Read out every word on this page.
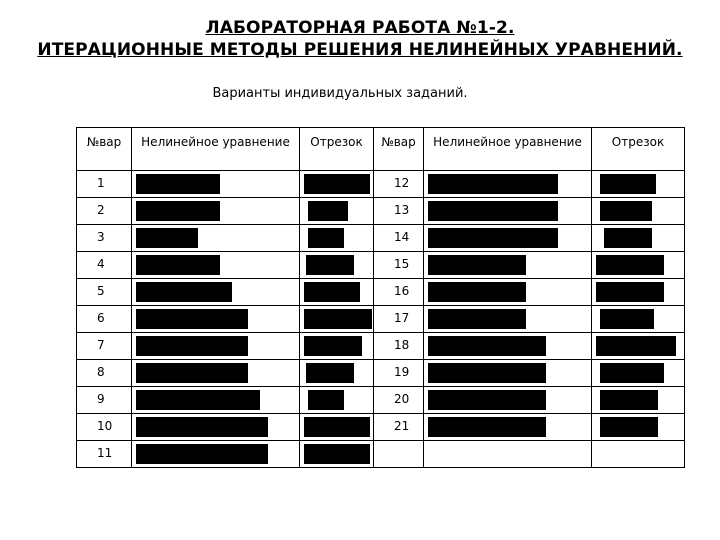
ЛАБОРАТОРНАЯ РАБОТА №1-2.
ИТЕРАЦИОННЫЕ МЕТОДЫ РЕШЕНИЯ НЕЛИНЕЙНЫХ УРАВНЕНИЙ.
Варианты индивидуальных заданий.
№вар	Нелинейное уравнение	Отрезок	№вар	Нелинейное уравнение	Отрезок
1			12	

2			13	

3			14	

4			15	

5			16	

6			17	

7			18	

8			19	

9			20	

10			21	

11	
